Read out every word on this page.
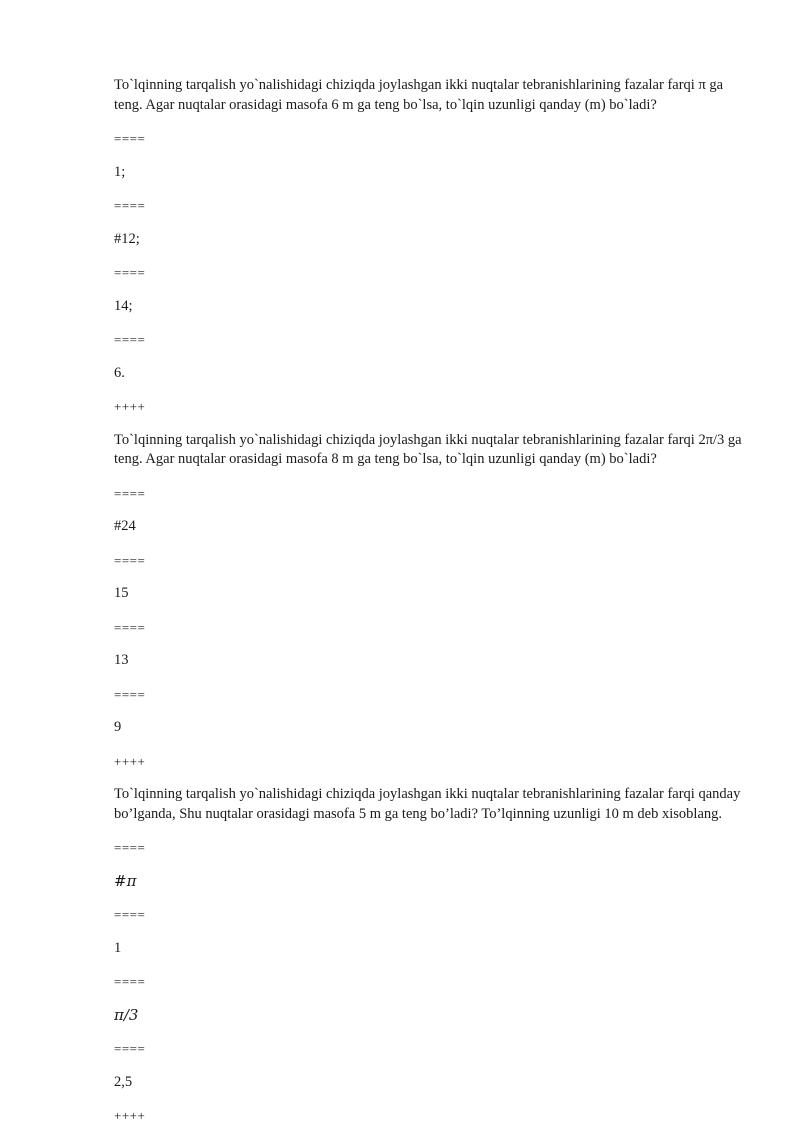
To`lqinning tarqalish yo`nalishidagi chiziqda joylashgan ikki nuqtalar tebranishlarining fazalar farqi π ga teng. Agar nuqtalar orasidagi masofa 6 m ga teng bo`lsa, to`lqin uzunligi qanday (m) bo`ladi?

====

1;

====

#12;

====

14;

====

6.

++++

To`lqinning tarqalish yo`nalishidagi chiziqda joylashgan ikki nuqtalar tebranishlarining fazalar farqi 2π/3 ga teng. Agar nuqtalar orasidagi masofa 8 m ga teng bo`lsa, to`lqin uzunligi qanday (m) bo`ladi?

====

#24

====

15

====

13

====

9

++++

To`lqinning tarqalish yo`nalishidagi chiziqda joylashgan ikki nuqtalar tebranishlarining fazalar farqi qanday bo’lganda, Shu nuqtalar orasidagi masofa 5 m ga teng bo’ladi? To’lqinning uzunligi 10 m deb xisoblang.

====

#π

====

1

====

π/3

====

2,5

++++
